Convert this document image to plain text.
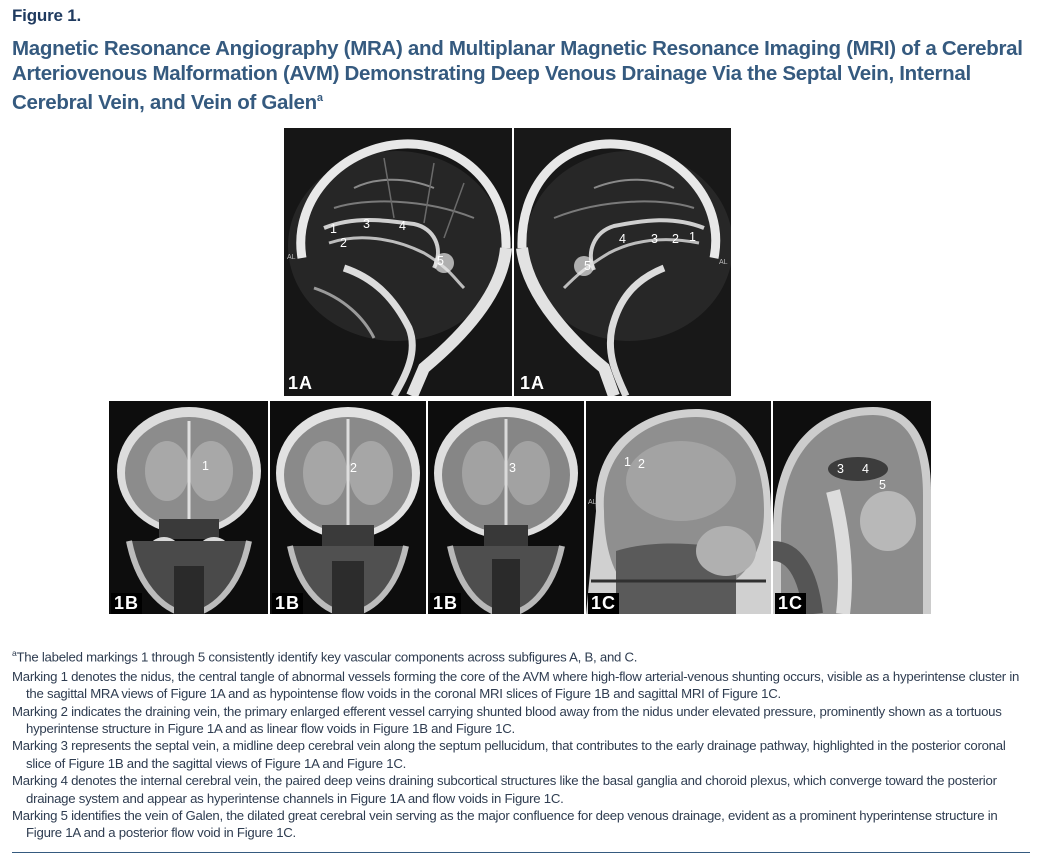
Figure 1.
Magnetic Resonance Angiography (MRA) and Multiplanar Magnetic Resonance Imaging (MRI) of a Cerebral Arteriovenous Malformation (AVM) Demonstrating Deep Venous Drainage Via the Septal Vein, Internal Cerebral Vein, and Vein of Galen$^a$
1
2
3 4
5
AL
1A
4 3 2 1
5	AL
1A
1
1B
2
1B
3
1B
1 2
AL
1C
3 4
5
1C

$^a$The labeled markings 1 through 5 consistently identify key vascular components across subfigures A, B, and C.

Marking 1 denotes the nidus, the central tangle of abnormal vessels forming the core of the AVM where high-flow arterial-venous shunting occurs, visible as a hyperintense cluster in the sagittal MRA views of Figure 1A and as hypointense flow voids in the coronal MRI slices of Figure 1B and sagittal MRI of Figure 1C.

Marking 2 indicates the draining vein, the primary enlarged efferent vessel carrying shunted blood away from the nidus under elevated pressure, prominently shown as a tortuous hyperintense structure in Figure 1A and as linear flow voids in Figure 1B and Figure 1C.

Marking 3 represents the septal vein, a midline deep cerebral vein along the septum pellucidum, that contributes to the early drainage pathway, highlighted in the posterior coronal slice of Figure 1B and the sagittal views of Figure 1A and Figure 1C.

Marking 4 denotes the internal cerebral vein, the paired deep veins draining subcortical structures like the basal ganglia and choroid plexus, which converge toward the posterior drainage system and appear as hyperintense channels in Figure 1A and flow voids in Figure 1C.

Marking 5 identifies the vein of Galen, the dilated great cerebral vein serving as the major confluence for deep venous drainage, evident as a prominent hyperintense structure in Figure 1A and a posterior flow void in Figure 1C.
